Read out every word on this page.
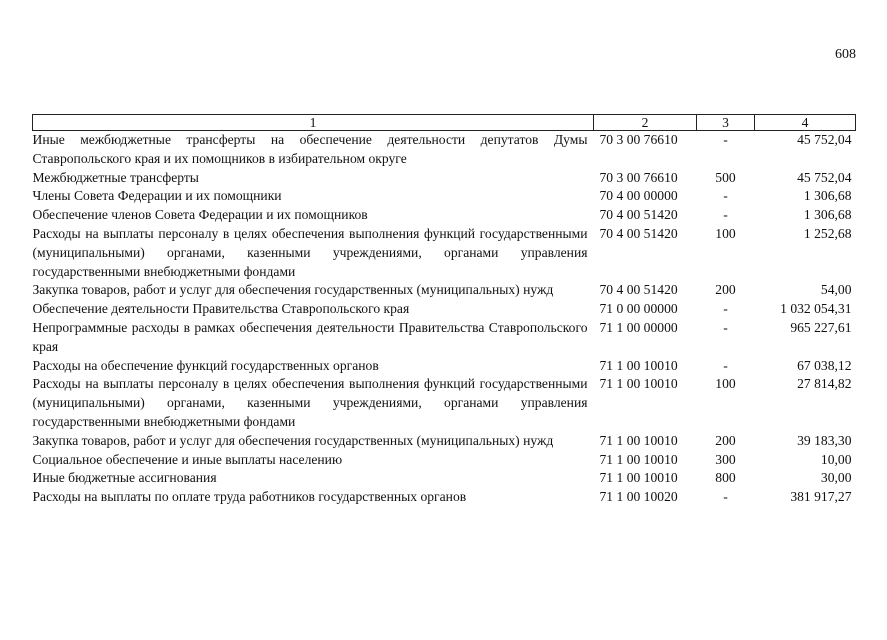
608
1	2	3	4
Иные межбюджетные трансферты на обеспечение деятельности депутатов Думы Ставропольского края и их помощников в избирательном округе	70 3 00 76610	-	45 752,04
Межбюджетные трансферты	70 3 00 76610	500	45 752,04
Члены Совета Федерации и их помощники	70 4 00 00000	-	1 306,68
Обеспечение членов Совета Федерации и их помощников	70 4 00 51420	-	1 306,68
Расходы на выплаты персоналу в целях обеспечения выполнения функций государственными (муниципальными) органами, казенными учреждениями, органами управления государственными внебюджетными фондами	70 4 00 51420	100	1 252,68
Закупка товаров, работ и услуг для обеспечения государственных (муниципальных) нужд	70 4 00 51420	200	54,00
Обеспечение деятельности Правительства Ставропольского края	71 0 00 00000	-	1 032 054,31
Непрограммные расходы в рамках обеспечения деятельности Правительства Ставропольского края	71 1 00 00000	-	965 227,61
Расходы на обеспечение функций государственных органов	71 1 00 10010	-	67 038,12
Расходы на выплаты персоналу в целях обеспечения выполнения функций государственными (муниципальными) органами, казенными учреждениями, органами управления государственными внебюджетными фондами	71 1 00 10010	100	27 814,82
Закупка товаров, работ и услуг для обеспечения государственных (муниципальных) нужд	71 1 00 10010	200	39 183,30
Социальное обеспечение и иные выплаты населению	71 1 00 10010	300	10,00
Иные бюджетные ассигнования	71 1 00 10010	800	30,00
Расходы на выплаты по оплате труда работников государственных органов	71 1 00 10020	-	381 917,27
